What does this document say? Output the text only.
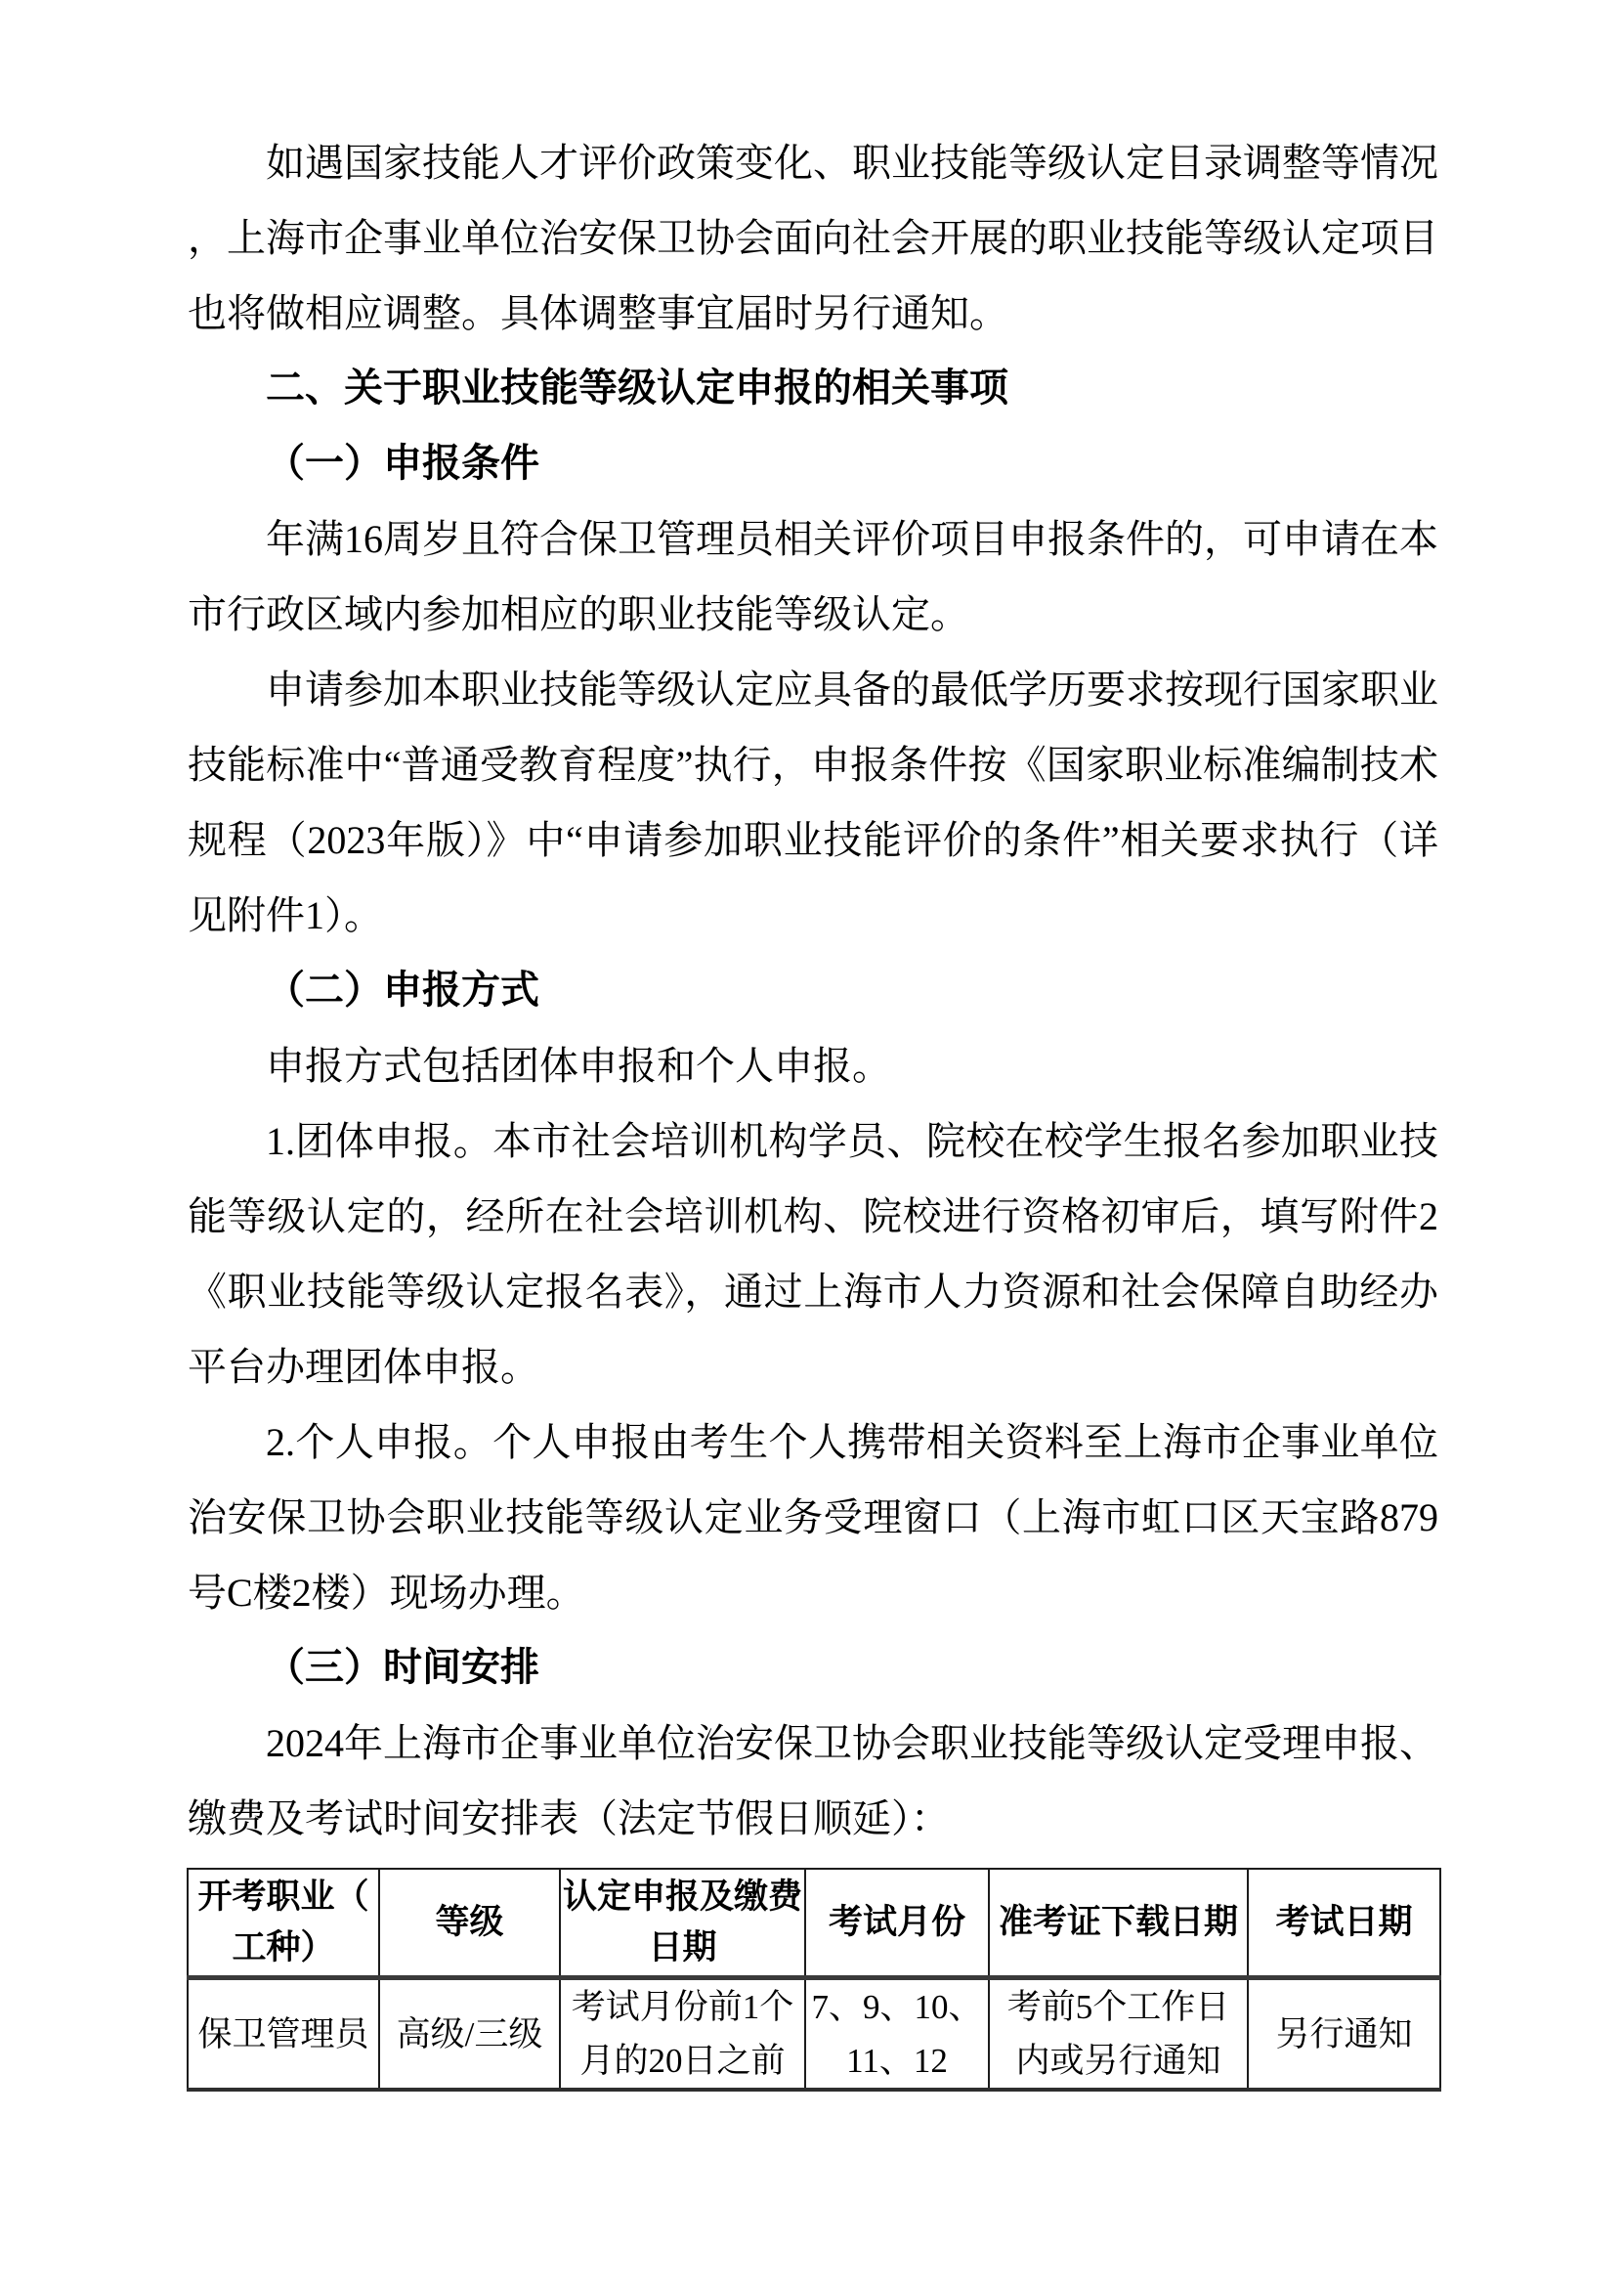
如遇国家技能人才评价政策变化、职业技能等级认定目录调整等情况，上海市企事业单位治安保卫协会面向社会开展的职业技能等级认定项目也将做相应调整。具体调整事宜届时另行通知。

二、关于职业技能等级认定申报的相关事项

（一）申报条件

年满16周岁且符合保卫管理员相关评价项目申报条件的，可申请在本市行政区域内参加相应的职业技能等级认定。

申请参加本职业技能等级认定应具备的最低学历要求按现行国家职业技能标准中“普通受教育程度”执行，申报条件按《国家职业标准编制技术规程（2023年版）》中“申请参加职业技能评价的条件”相关要求执行（详见附件1）。

（二）申报方式

申报方式包括团体申报和个人申报。

1.团体申报。本市社会培训机构学员、院校在校学生报名参加职业技能等级认定的，经所在社会培训机构、院校进行资格初审后，填写附件2《职业技能等级认定报名表》，通过上海市人力资源和社会保障自助经办平台办理团体申报。

2.个人申报。个人申报由考生个人携带相关资料至上海市企事业单位治安保卫协会职业技能等级认定业务受理窗口（上海市虹口区天宝路879号C楼2楼）现场办理。

（三）时间安排

2024年上海市企事业单位治安保卫协会职业技能等级认定受理申报、缴费及考试时间安排表（法定节假日顺延）：

开考职业（工种）	等级	认定申报及缴费日期	考试月份	准考证下载日期	考试日期
保卫管理员	高级/三级	考试月份前1个月的20日之前	7、9、10、11、12	考前5个工作日内或另行通知	另行通知
